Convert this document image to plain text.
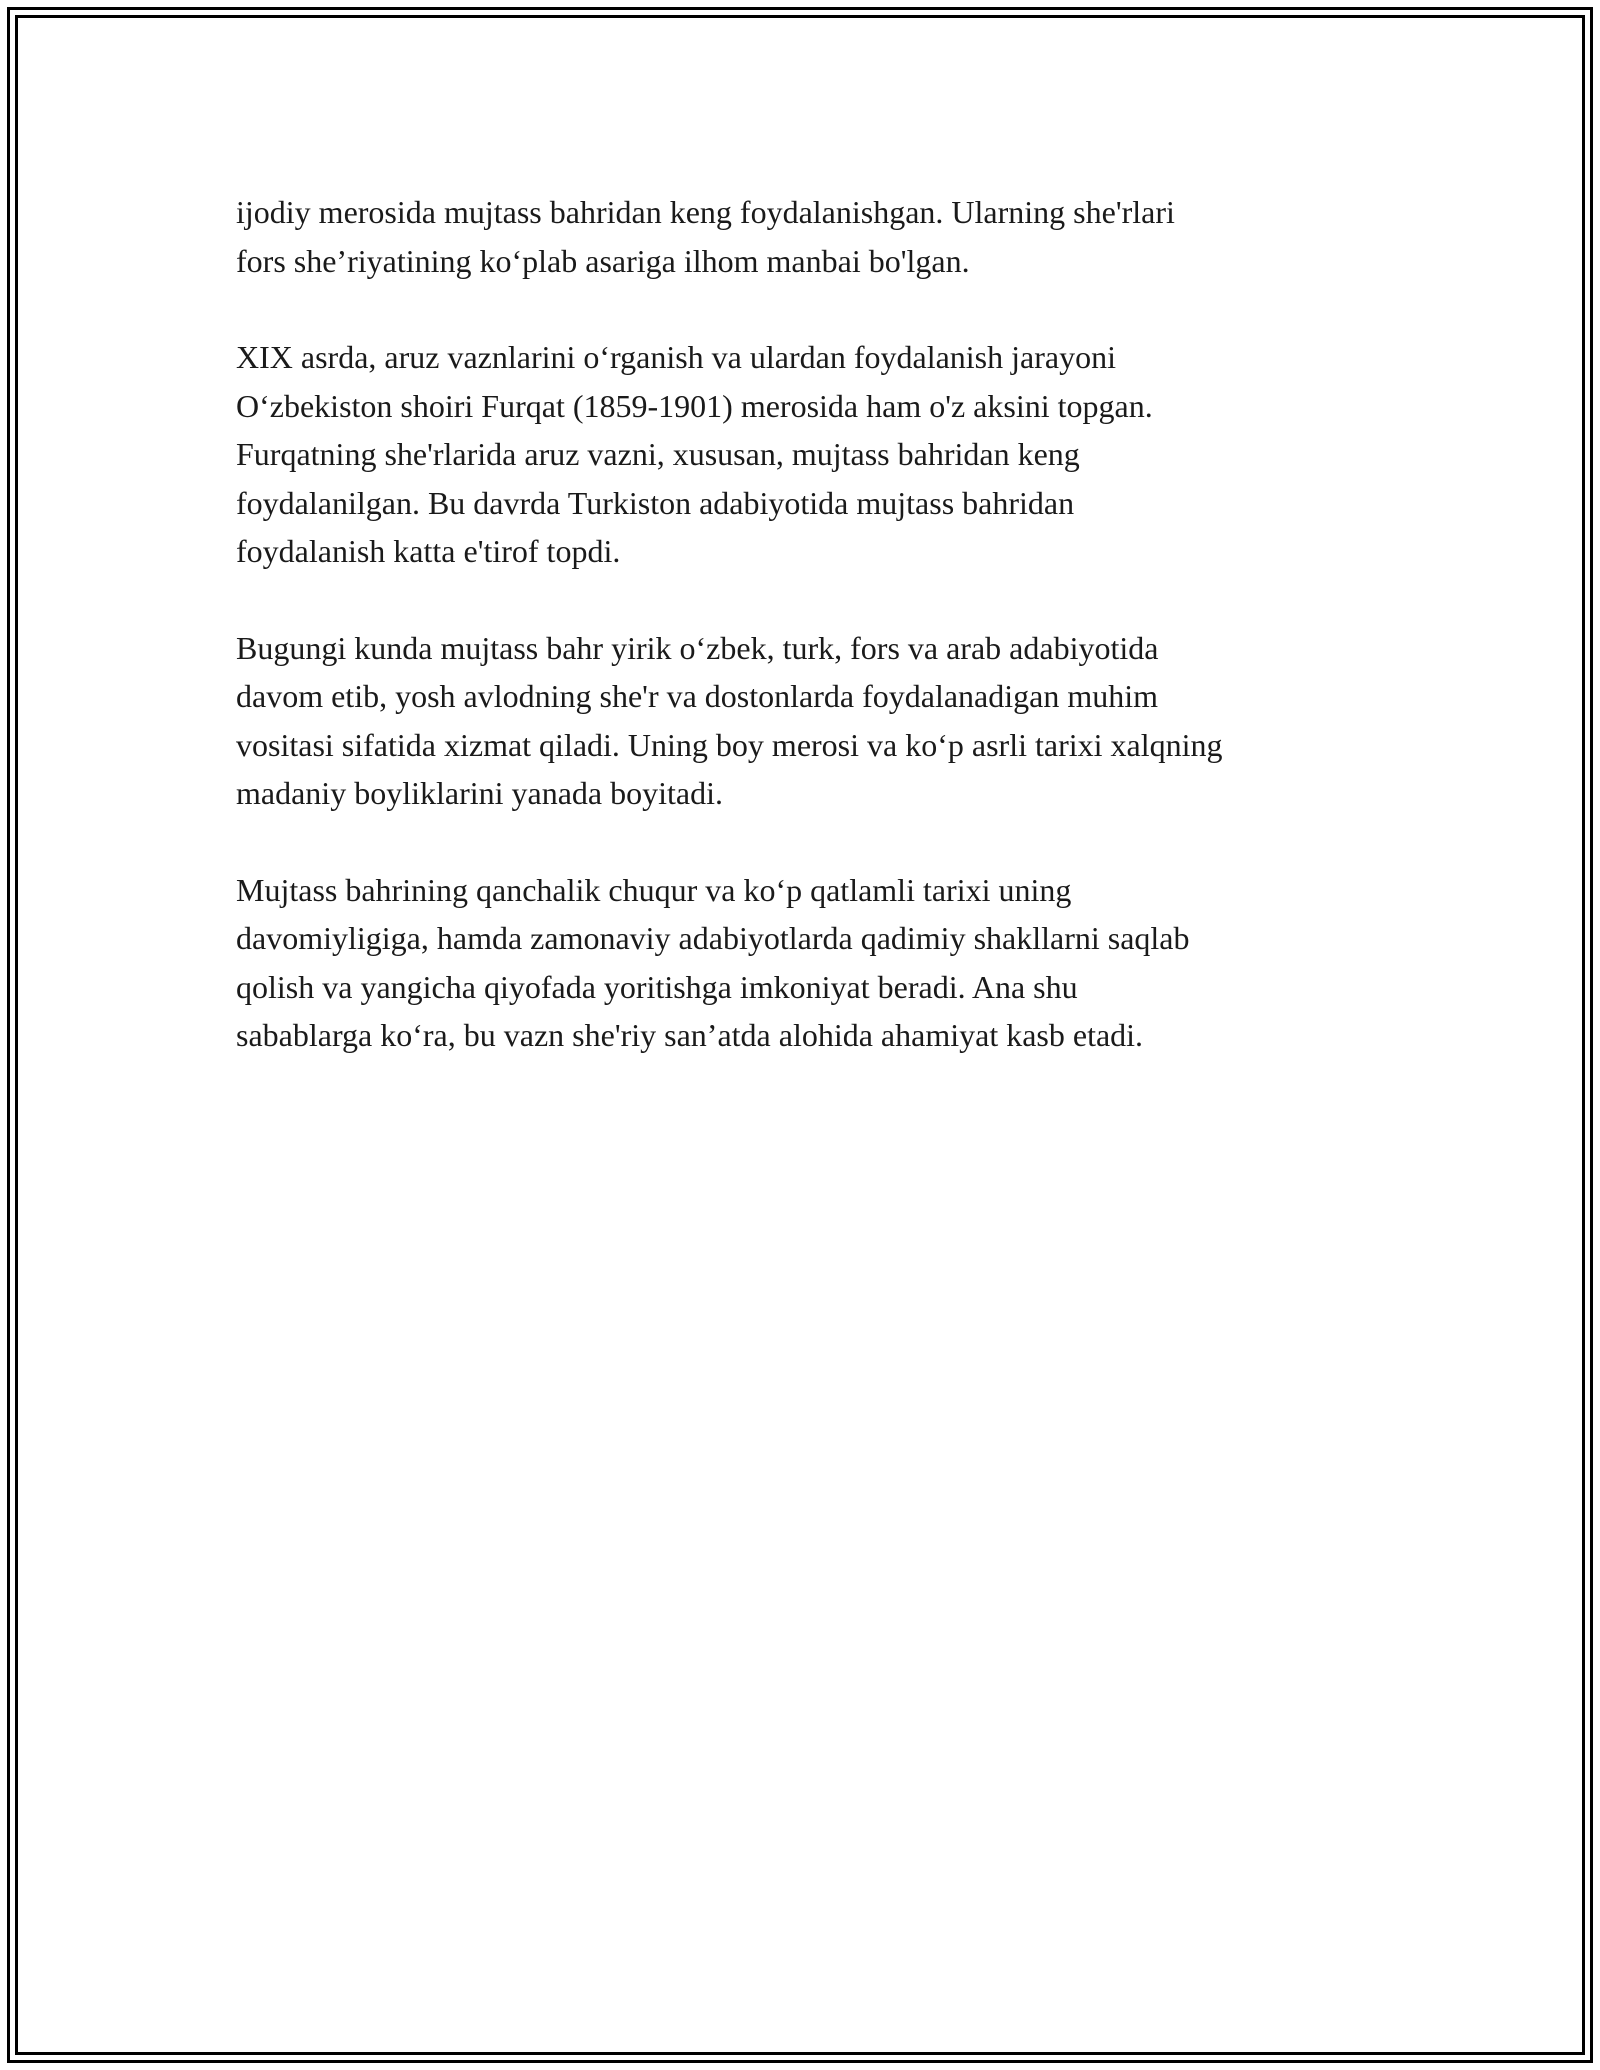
ijodiy merosida mujtass bahridan keng foydalanishgan. Ularning she'rlari
fors she’riyatining ko‘plab asariga ilhom manbai bo'lgan.

XIX asrda, aruz vaznlarini o‘rganish va ulardan foydalanish jarayoni
O‘zbekiston shoiri Furqat (1859-1901) merosida ham o'z aksini topgan.
Furqatning she'rlarida aruz vazni, xususan, mujtass bahridan keng
foydalanilgan. Bu davrda Turkiston adabiyotida mujtass bahridan
foydalanish katta e'tirof topdi.

Bugungi kunda mujtass bahr yirik o‘zbek, turk, fors va arab adabiyotida
davom etib, yosh avlodning she'r va dostonlarda foydalanadigan muhim
vositasi sifatida xizmat qiladi. Uning boy merosi va ko‘p asrli tarixi xalqning
madaniy boyliklarini yanada boyitadi.

Mujtass bahrining qanchalik chuqur va ko‘p qatlamli tarixi uning
davomiyligiga, hamda zamonaviy adabiyotlarda qadimiy shakllarni saqlab
qolish va yangicha qiyofada yoritishga imkoniyat beradi. Ana shu
sabablarga ko‘ra, bu vazn she'riy san’atda alohida ahamiyat kasb etadi.
